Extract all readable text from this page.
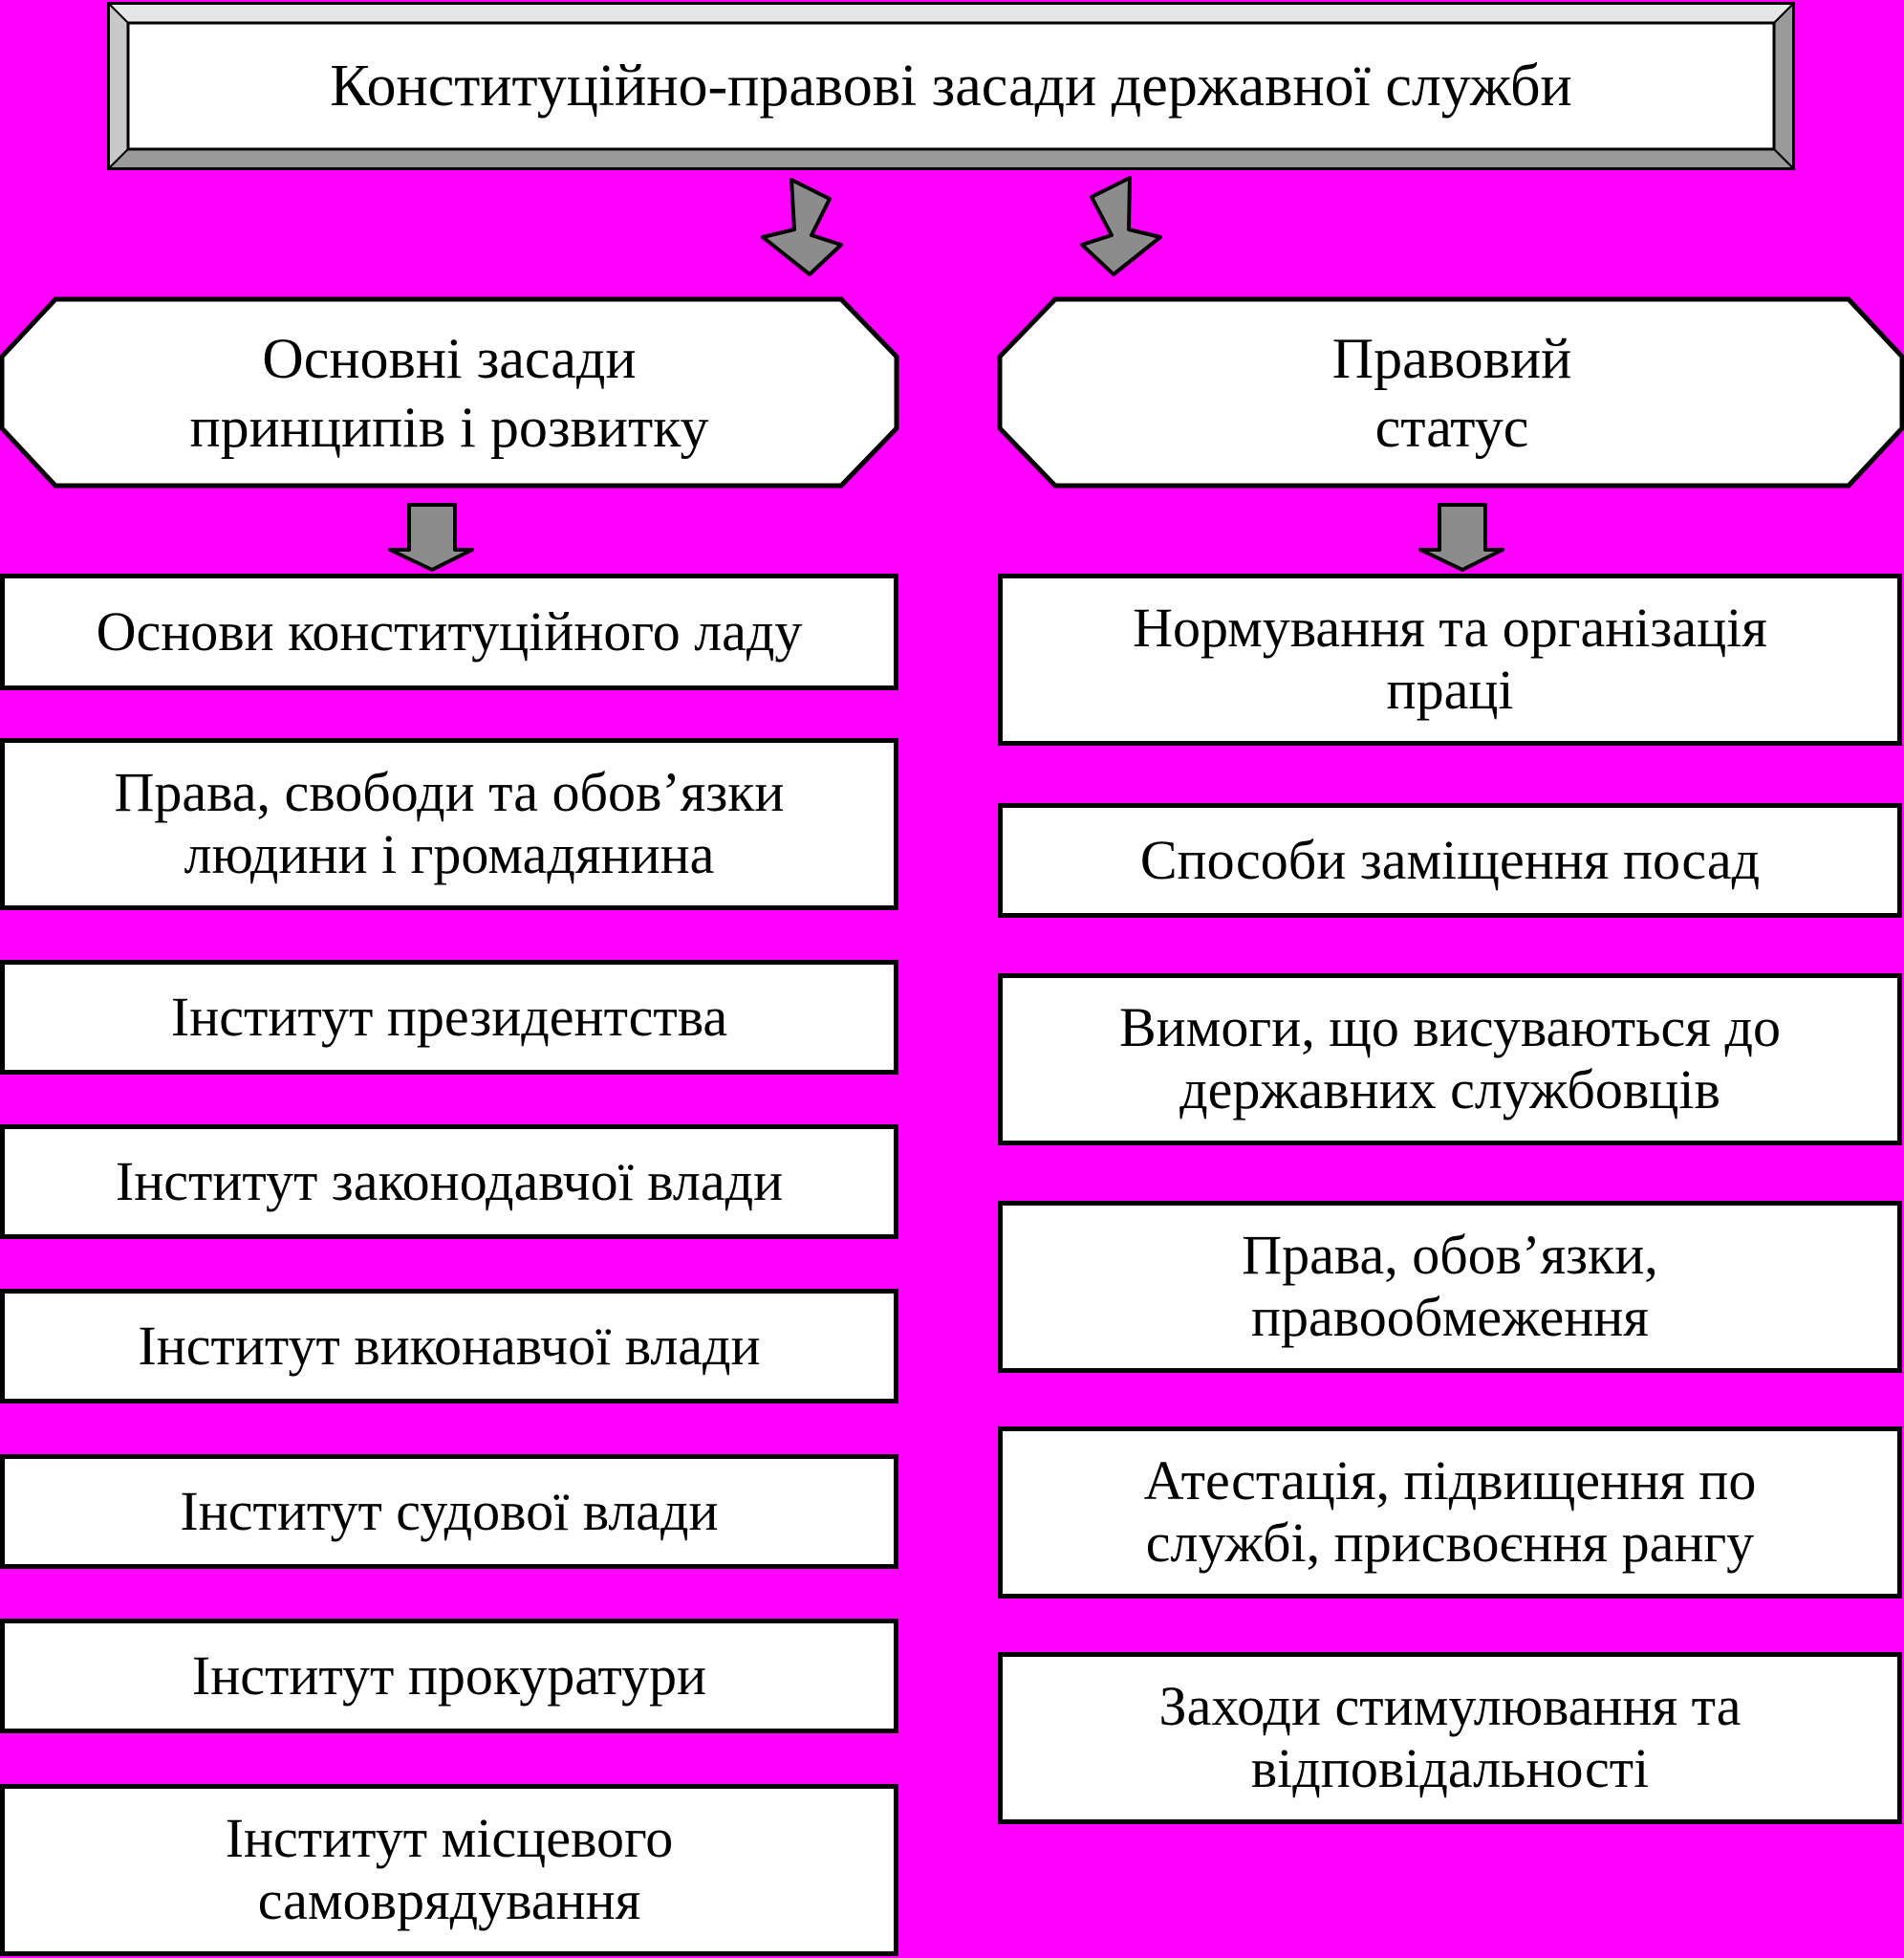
Конституційно-правові засади державної служби
Основні засади
принципів і розвитку
Правовий
статус
Основи конституційного ладу
Права, свободи та обов’язки
людини і громадянина
Інститут президентства
Інститут законодавчої влади
Інститут виконавчої влади
Інститут судової влади
Інститут прокуратури
Інститут місцевого
самоврядування
Нормування та організація
праці
Способи заміщення посад
Вимоги, що висуваються до
державних службовців
Права, обов’язки,
правообмеження
Атестація, підвищення по
службі, присвоєння рангу
Заходи стимулювання та
відповідальності
